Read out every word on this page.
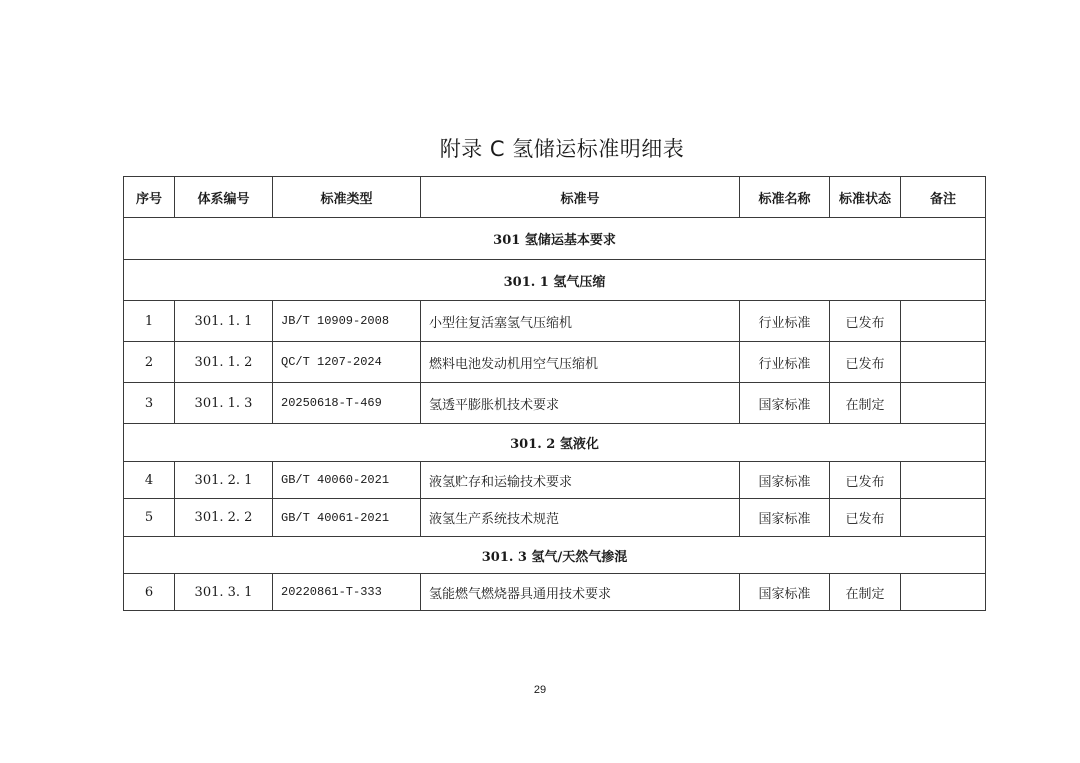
附录 C 氢储运标准明细表
序号	体系编号	标准类型	标准号	标准名称	标准状态	备注
301 氢储运基本要求						
301. 1 氢气压缩						
1	301. 1. 1	JB/T 10909-2008	小型往复活塞氢气压缩机	行业标准	已发布	
2	301. 1. 2	QC/T 1207-2024	燃料电池发动机用空气压缩机	行业标准	已发布	
3	301. 1. 3	20250618-T-469	氢透平膨胀机技术要求	国家标准	在制定	
301. 2 氢液化						
4	301. 2. 1	GB/T 40060-2021	液氢贮存和运输技术要求	国家标准	已发布	
5	301. 2. 2	GB/T 40061-2021	液氢生产系统技术规范	国家标准	已发布	
301. 3 氢气/天然气掺混						
6	301. 3. 1	20220861-T-333	氢能燃气燃烧器具通用技术要求	国家标准	在制定	
29
